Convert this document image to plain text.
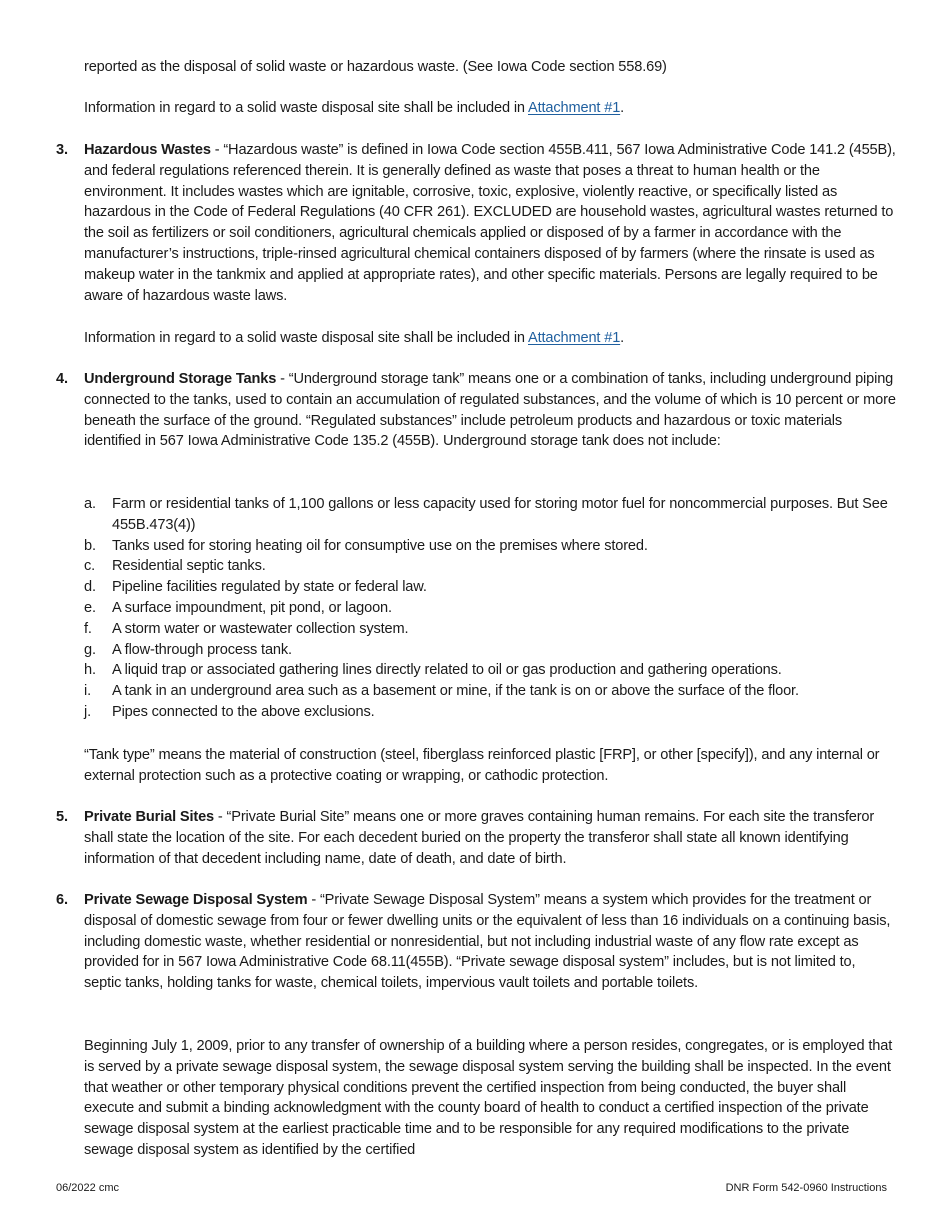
reported as the disposal of solid waste or hazardous waste. (See Iowa Code section 558.69)

Information in regard to a solid waste disposal site shall be included in Attachment #1.

3. Hazardous Wastes - “Hazardous waste” is defined in Iowa Code section 455B.411, 567 Iowa Administrative Code 141.2 (455B), and federal regulations referenced therein. It is generally defined as waste that poses a threat to human health or the environment. It includes wastes which are ignitable, corrosive, toxic, explosive, violently reactive, or specifically listed as hazardous in the Code of Federal Regulations (40 CFR 261). EXCLUDED are household wastes, agricultural wastes returned to the soil as fertilizers or soil conditioners, agricultural chemicals applied or disposed of by a farmer in accordance with the manufacturer’s instructions, triple-rinsed agricultural chemical containers disposed of by farmers (where the rinsate is used as makeup water in the tankmix and applied at appropriate rates), and other specific materials. Persons are legally required to be aware of hazardous waste laws.

Information in regard to a solid waste disposal site shall be included in Attachment #1.

4. Underground Storage Tanks - “Underground storage tank” means one or a combination of tanks, including underground piping connected to the tanks, used to contain an accumulation of regulated substances, and the volume of which is 10 percent or more beneath the surface of the ground. “Regulated substances” include petroleum products and hazardous or toxic materials identified in 567 Iowa Administrative Code 135.2 (455B). Underground storage tank does not include:
a. Farm or residential tanks of 1,100 gallons or less capacity used for storing motor fuel for noncommercial purposes. But See 455B.473(4))
b. Tanks used for storing heating oil for consumptive use on the premises where stored.
c. Residential septic tanks.
d. Pipeline facilities regulated by state or federal law.
e. A surface impoundment, pit pond, or lagoon.
f. A storm water or wastewater collection system.
g. A flow-through process tank.
h. A liquid trap or associated gathering lines directly related to oil or gas production and gathering operations.
i. A tank in an underground area such as a basement or mine, if the tank is on or above the surface of the floor.
j. Pipes connected to the above exclusions.

“Tank type” means the material of construction (steel, fiberglass reinforced plastic [FRP], or other [specify]), and any internal or external protection such as a protective coating or wrapping, or cathodic protection.

5. Private Burial Sites - “Private Burial Site” means one or more graves containing human remains. For each site the transferor shall state the location of the site. For each decedent buried on the property the transferor shall state all known identifying information of that decedent including name, date of death, and date of birth.
6. Private Sewage Disposal System - “Private Sewage Disposal System” means a system which provides for the treatment or disposal of domestic sewage from four or fewer dwelling units or the equivalent of less than 16 individuals on a continuing basis, including domestic waste, whether residential or nonresidential, but not including industrial waste of any flow rate except as provided for in 567 Iowa Administrative Code 68.11(455B). “Private sewage disposal system” includes, but is not limited to, septic tanks, holding tanks for waste, chemical toilets, impervious vault toilets and portable toilets.

Beginning July 1, 2009, prior to any transfer of ownership of a building where a person resides, congregates, or is employed that is served by a private sewage disposal system, the sewage disposal system serving the building shall be inspected. In the event that weather or other temporary physical conditions prevent the certified inspection from being conducted, the buyer shall execute and submit a binding acknowledgment with the county board of health to conduct a certified inspection of the private sewage disposal system at the earliest practicable time and to be responsible for any required modifications to the private sewage disposal system as identified by the certified

06/2022 cmc	DNR Form 542-0960 Instructions
